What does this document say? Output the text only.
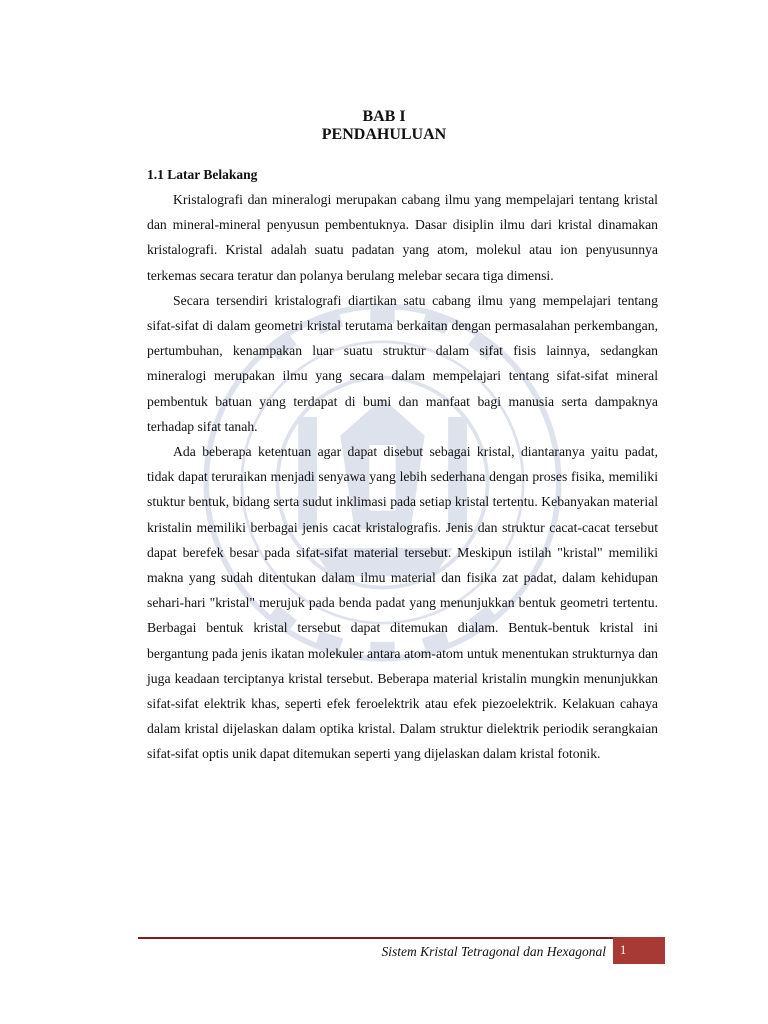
BAB I
PENDAHULUAN
1.1 Latar Belakang

Kristalografi dan mineralogi merupakan cabang ilmu yang mempelajari tentang kristal dan mineral-mineral penyusun pembentuknya. Dasar disiplin ilmu dari kristal dinamakan kristalografi. Kristal adalah suatu padatan yang atom, molekul atau ion penyusunnya terkemas secara teratur dan polanya berulang melebar secara tiga dimensi.

Secara tersendiri kristalografi diartikan satu cabang ilmu yang mempelajari tentang sifat-sifat di dalam geometri kristal terutama berkaitan dengan permasalahan perkembangan, pertumbuhan, kenampakan luar suatu struktur dalam sifat fisis lainnya, sedangkan mineralogi merupakan ilmu yang secara dalam mempelajari tentang sifat-sifat mineral pembentuk batuan yang terdapat di bumi dan manfaat bagi manusia serta dampaknya terhadap sifat tanah.

Ada beberapa ketentuan agar dapat disebut sebagai kristal, diantaranya yaitu padat, tidak dapat teruraikan menjadi senyawa yang lebih sederhana dengan proses fisika, memiliki stuktur bentuk, bidang serta sudut inklimasi pada setiap kristal tertentu. Kebanyakan material kristalin memiliki berbagai jenis cacat kristalografis. Jenis dan struktur cacat-cacat tersebut dapat berefek besar pada sifat-sifat material tersebut. Meskipun istilah "kristal" memiliki makna yang sudah ditentukan dalam ilmu material dan fisika zat padat, dalam kehidupan sehari-hari "kristal" merujuk pada benda padat yang menunjukkan bentuk geometri tertentu. Berbagai bentuk kristal tersebut dapat ditemukan dialam. Bentuk-bentuk kristal ini bergantung pada jenis ikatan molekuler antara atom-atom untuk menentukan strukturnya dan juga keadaan terciptanya kristal tersebut. Beberapa material kristalin mungkin menunjukkan sifat-sifat elektrik khas, seperti efek feroelektrik atau efek piezoelektrik. Kelakuan cahaya dalam kristal dijelaskan dalam optika kristal. Dalam struktur dielektrik periodik serangkaian sifat-sifat optis unik dapat ditemukan seperti yang dijelaskan dalam kristal fotonik.

Sistem Kristal Tetragonal dan Hexagonal	1
